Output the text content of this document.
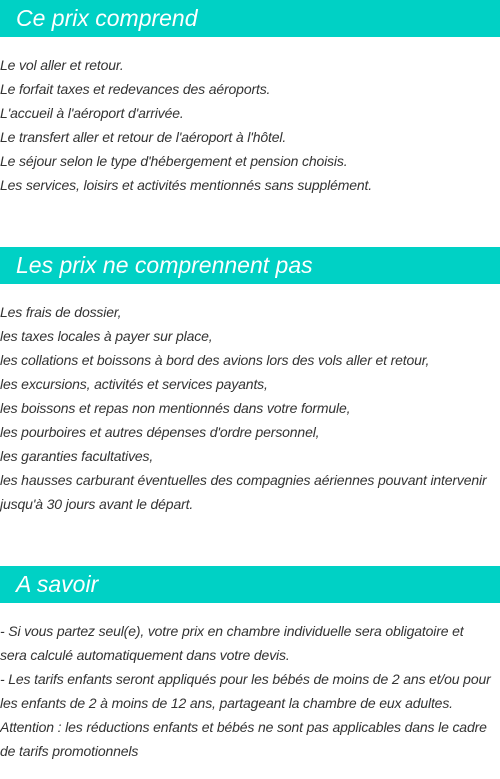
Ce prix comprend
Le vol aller et retour.
Le forfait taxes et redevances des aéroports.
L'accueil à l'aéroport d'arrivée.
Le transfert aller et retour de l'aéroport à l'hôtel.
Le séjour selon le type d'hébergement et pension choisis.
Les services, loisirs et activités mentionnés sans supplément.
Les prix ne comprennent pas
Les frais de dossier,
les taxes locales à payer sur place,
les collations et boissons à bord des avions lors des vols aller et retour,
les excursions, activités et services payants,
les boissons et repas non mentionnés dans votre formule,
les pourboires et autres dépenses d'ordre personnel,
les garanties facultatives,
les hausses carburant éventuelles des compagnies aériennes pouvant intervenir
jusqu'à 30 jours avant le départ.
A savoir
- Si vous partez seul(e), votre prix en chambre individuelle sera obligatoire et
sera calculé automatiquement dans votre devis.
- Les tarifs enfants seront appliqués pour les bébés de moins de 2 ans et/ou pour
les enfants de 2 à moins de 12 ans, partageant la chambre de eux adultes.
Attention : les réductions enfants et bébés ne sont pas applicables dans le cadre
de tarifs promotionnels
